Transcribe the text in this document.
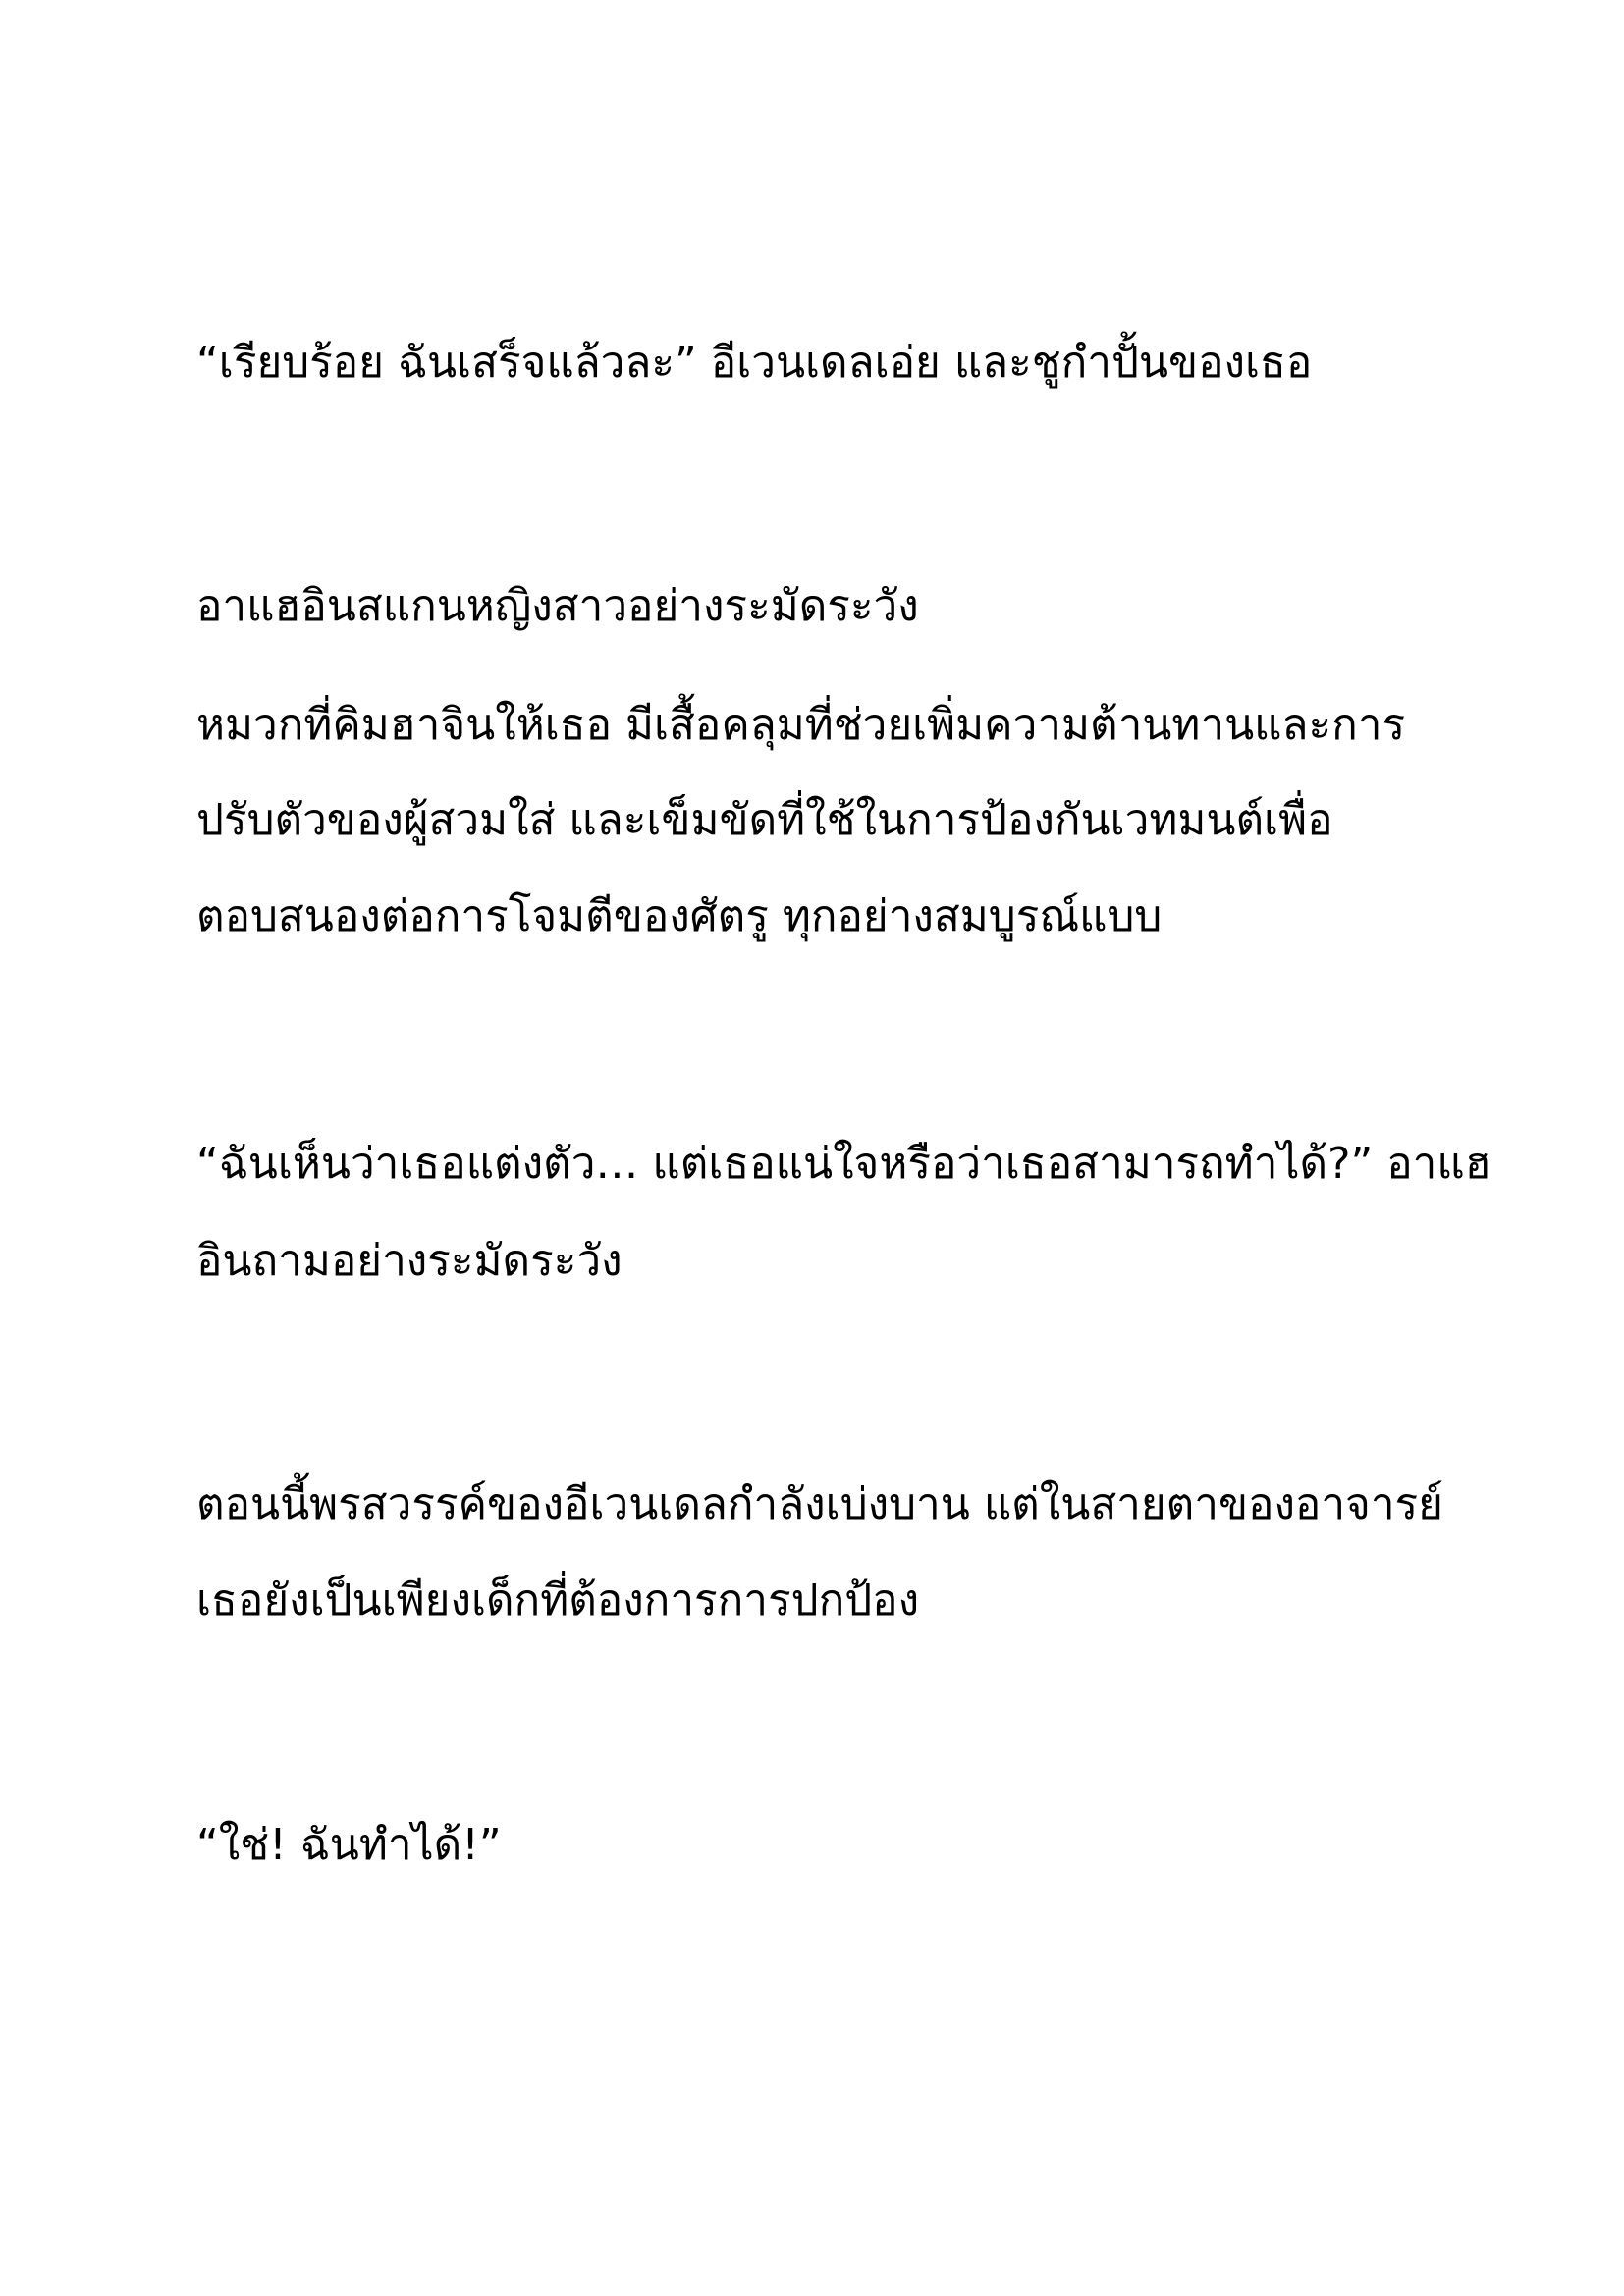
“เรียบร้อย ฉันเสร็จแล้วละ” อีเวนเดลเอ่ย และชูกำปั้นของเธอ

อาแฮอินสแกนหญิงสาวอย่างระมัดระวัง

หมวกที่คิมฮาจินให้เธอ มีเสื้อคลุมที่ช่วยเพิ่มความต้านทานและการ

ปรับตัวของผู้สวมใส่ และเข็มขัดที่ใช้ในการป้องกันเวทมนต์เพื่อ

ตอบสนองต่อการโจมตีของศัตรู ทุกอย่างสมบูรณ์แบบ

“ฉันเห็นว่าเธอแต่งตัว… แต่เธอแน่ใจหรือว่าเธอสามารถทำได้?” อาแฮ

อินถามอย่างระมัดระวัง

ตอนนี้พรสวรรค์ของอีเวนเดลกำลังเบ่งบาน แต่ในสายตาของอาจารย์

เธอยังเป็นเพียงเด็กที่ต้องการการปกป้อง

“ใช่! ฉันทำได้!”
